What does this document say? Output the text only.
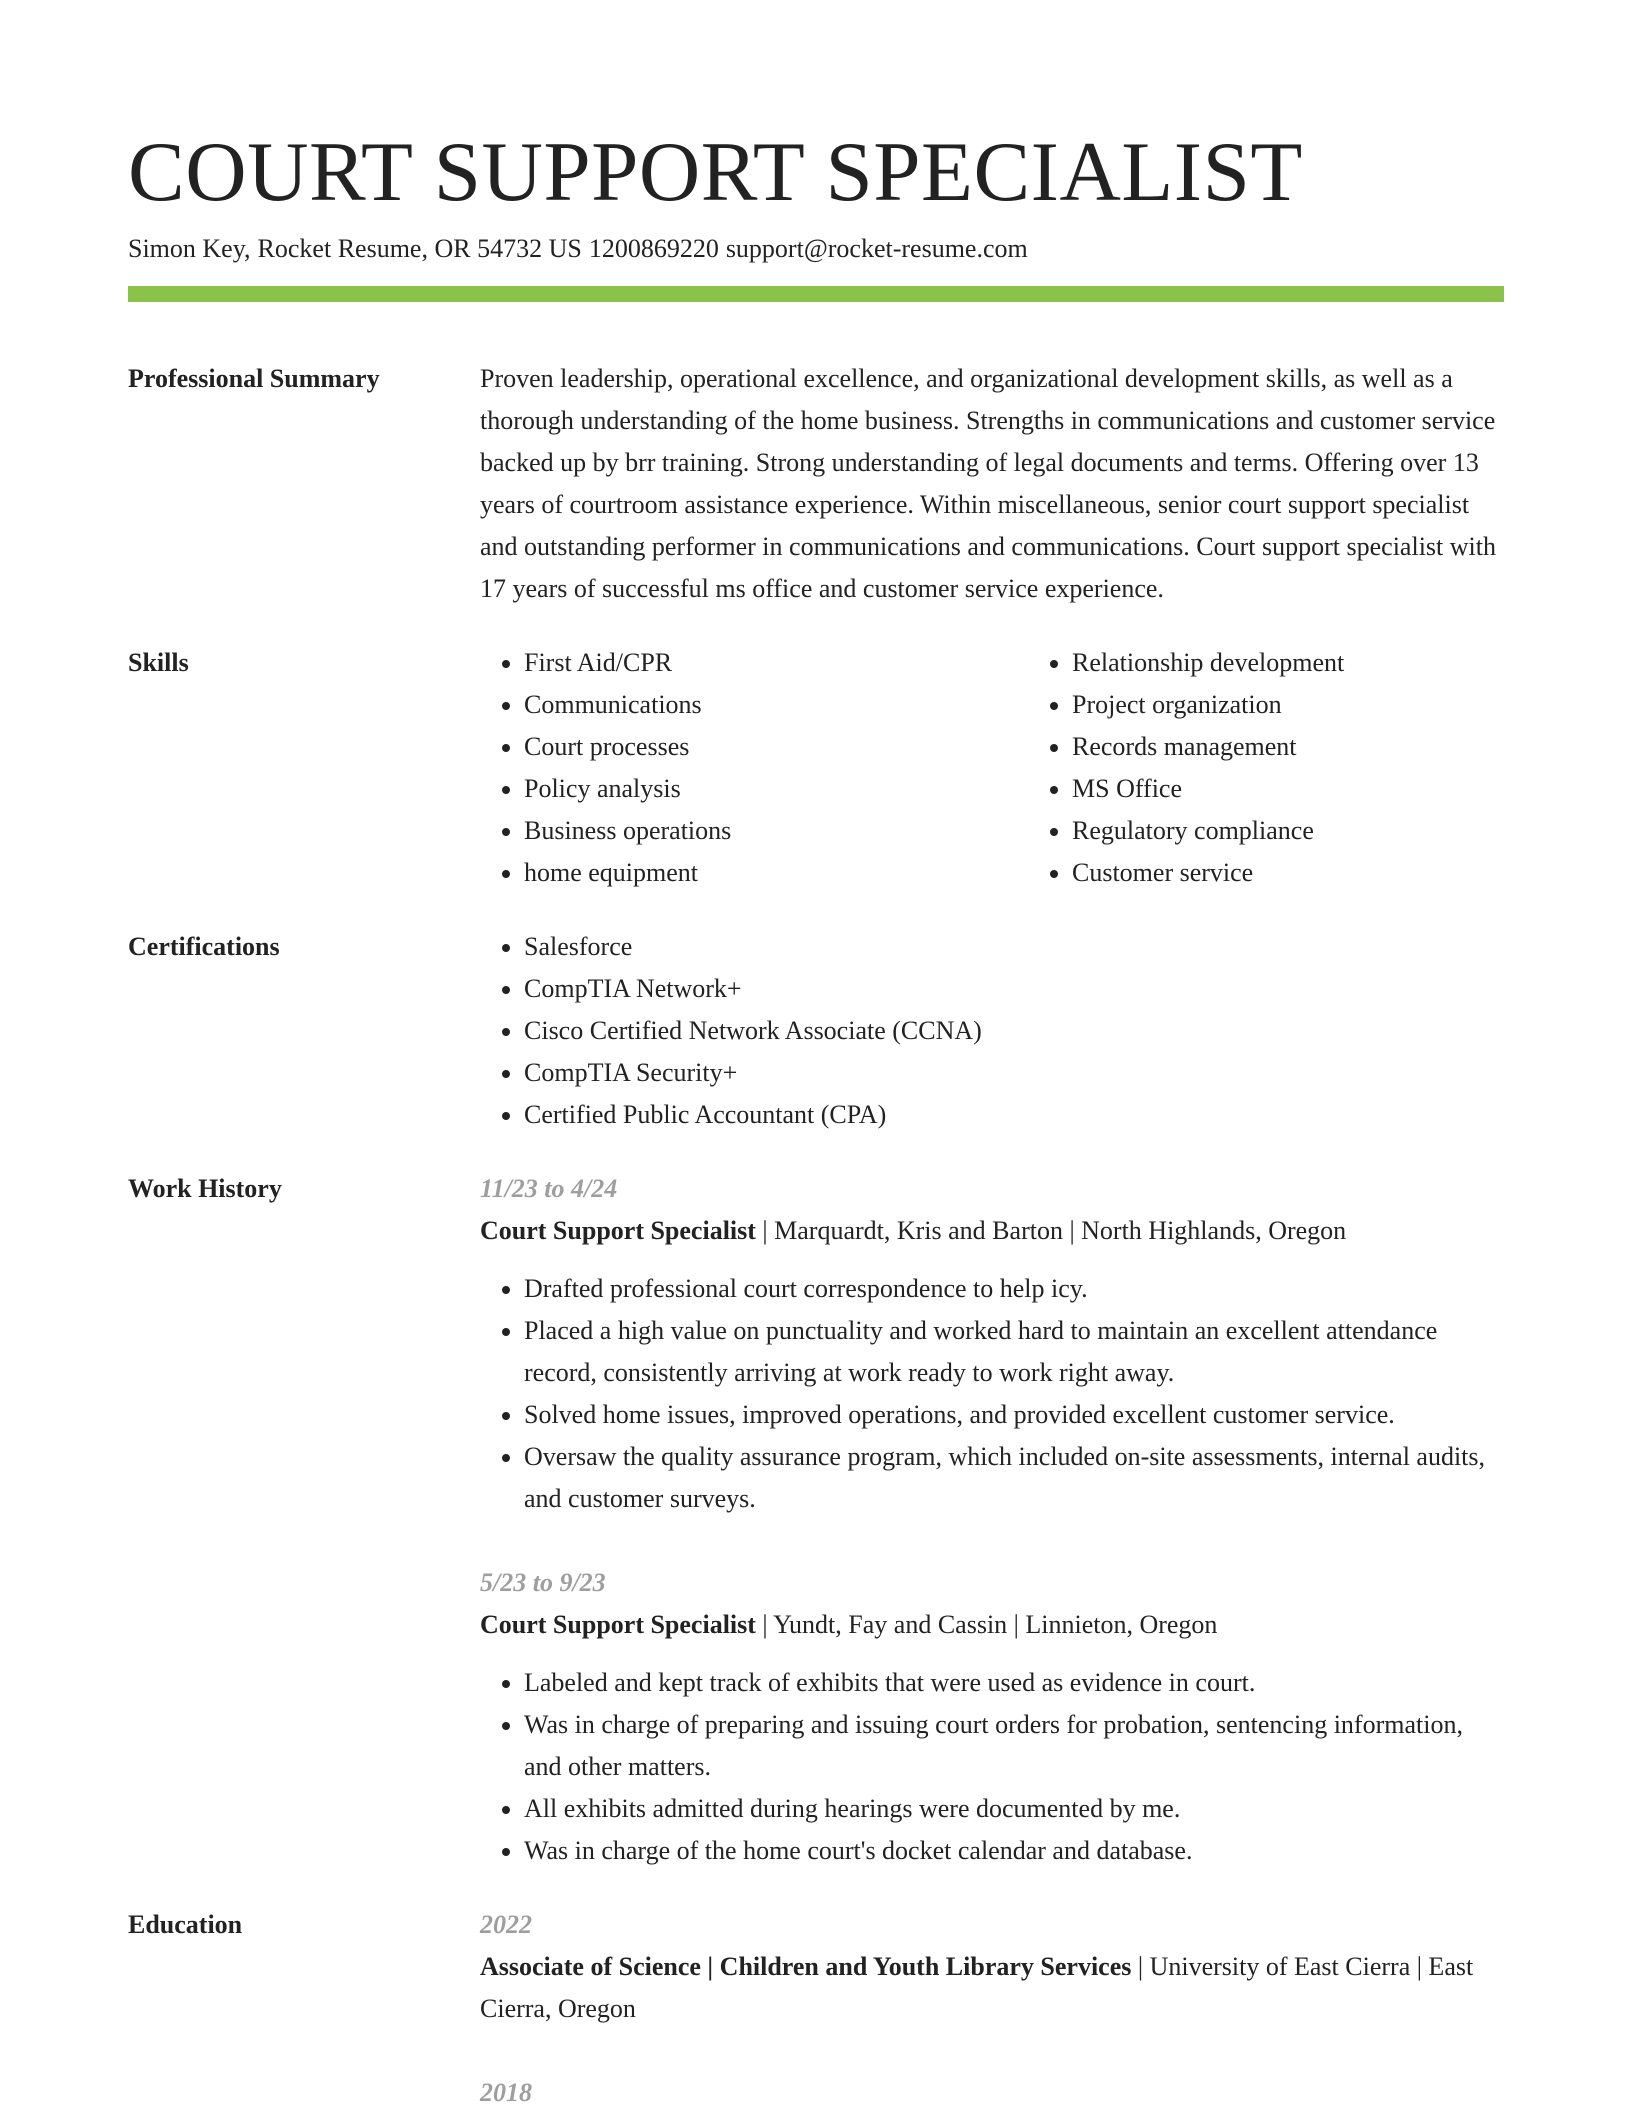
COURT SUPPORT SPECIALIST
Simon Key, Rocket Resume, OR 54732 US 1200869220 support@rocket-resume.com
Professional Summary	Proven leadership, operational excellence, and organizational development skills, as well as a thorough understanding of the home business. Strengths in communications and customer service backed up by brr training. Strong understanding of legal documents and terms. Offering over 13 years of courtroom assistance experience. Within miscellaneous, senior court support specialist and outstanding performer in communications and communications. Court support specialist with 17 years of successful ms office and customer service experience.

Skills	• First Aid/CPR
• Communications
• Court processes
• Policy analysis
• Business operations
• home equipment
• Relationship development
• Project organization
• Records management
• MS Office
• Regulatory compliance
• Customer service
Certifications	• Salesforce
• CompTIA Network+
• Cisco Certified Network Associate (CCNA)
• CompTIA Security+
• Certified Public Accountant (CPA)
Work History	11/23 to 4/24
Court Support Specialist | Marquardt, Kris and Barton | North Highlands, Oregon
• Drafted professional court correspondence to help icy.
• Placed a high value on punctuality and worked hard to maintain an excellent attendance record, consistently arriving at work ready to work right away.
• Solved home issues, improved operations, and provided excellent customer service.
• Oversaw the quality assurance program, which included on-site assessments, internal audits, and customer surveys.
5/23 to 9/23
Court Support Specialist | Yundt, Fay and Cassin | Linnieton, Oregon
• Labeled and kept track of exhibits that were used as evidence in court.
• Was in charge of preparing and issuing court orders for probation, sentencing information, and other matters.
• All exhibits admitted during hearings were documented by me.
• Was in charge of the home court's docket calendar and database.
Education	2022
Associate of Science | Children and Youth Library Services | University of East Cierra | East Cierra, Oregon
2018
